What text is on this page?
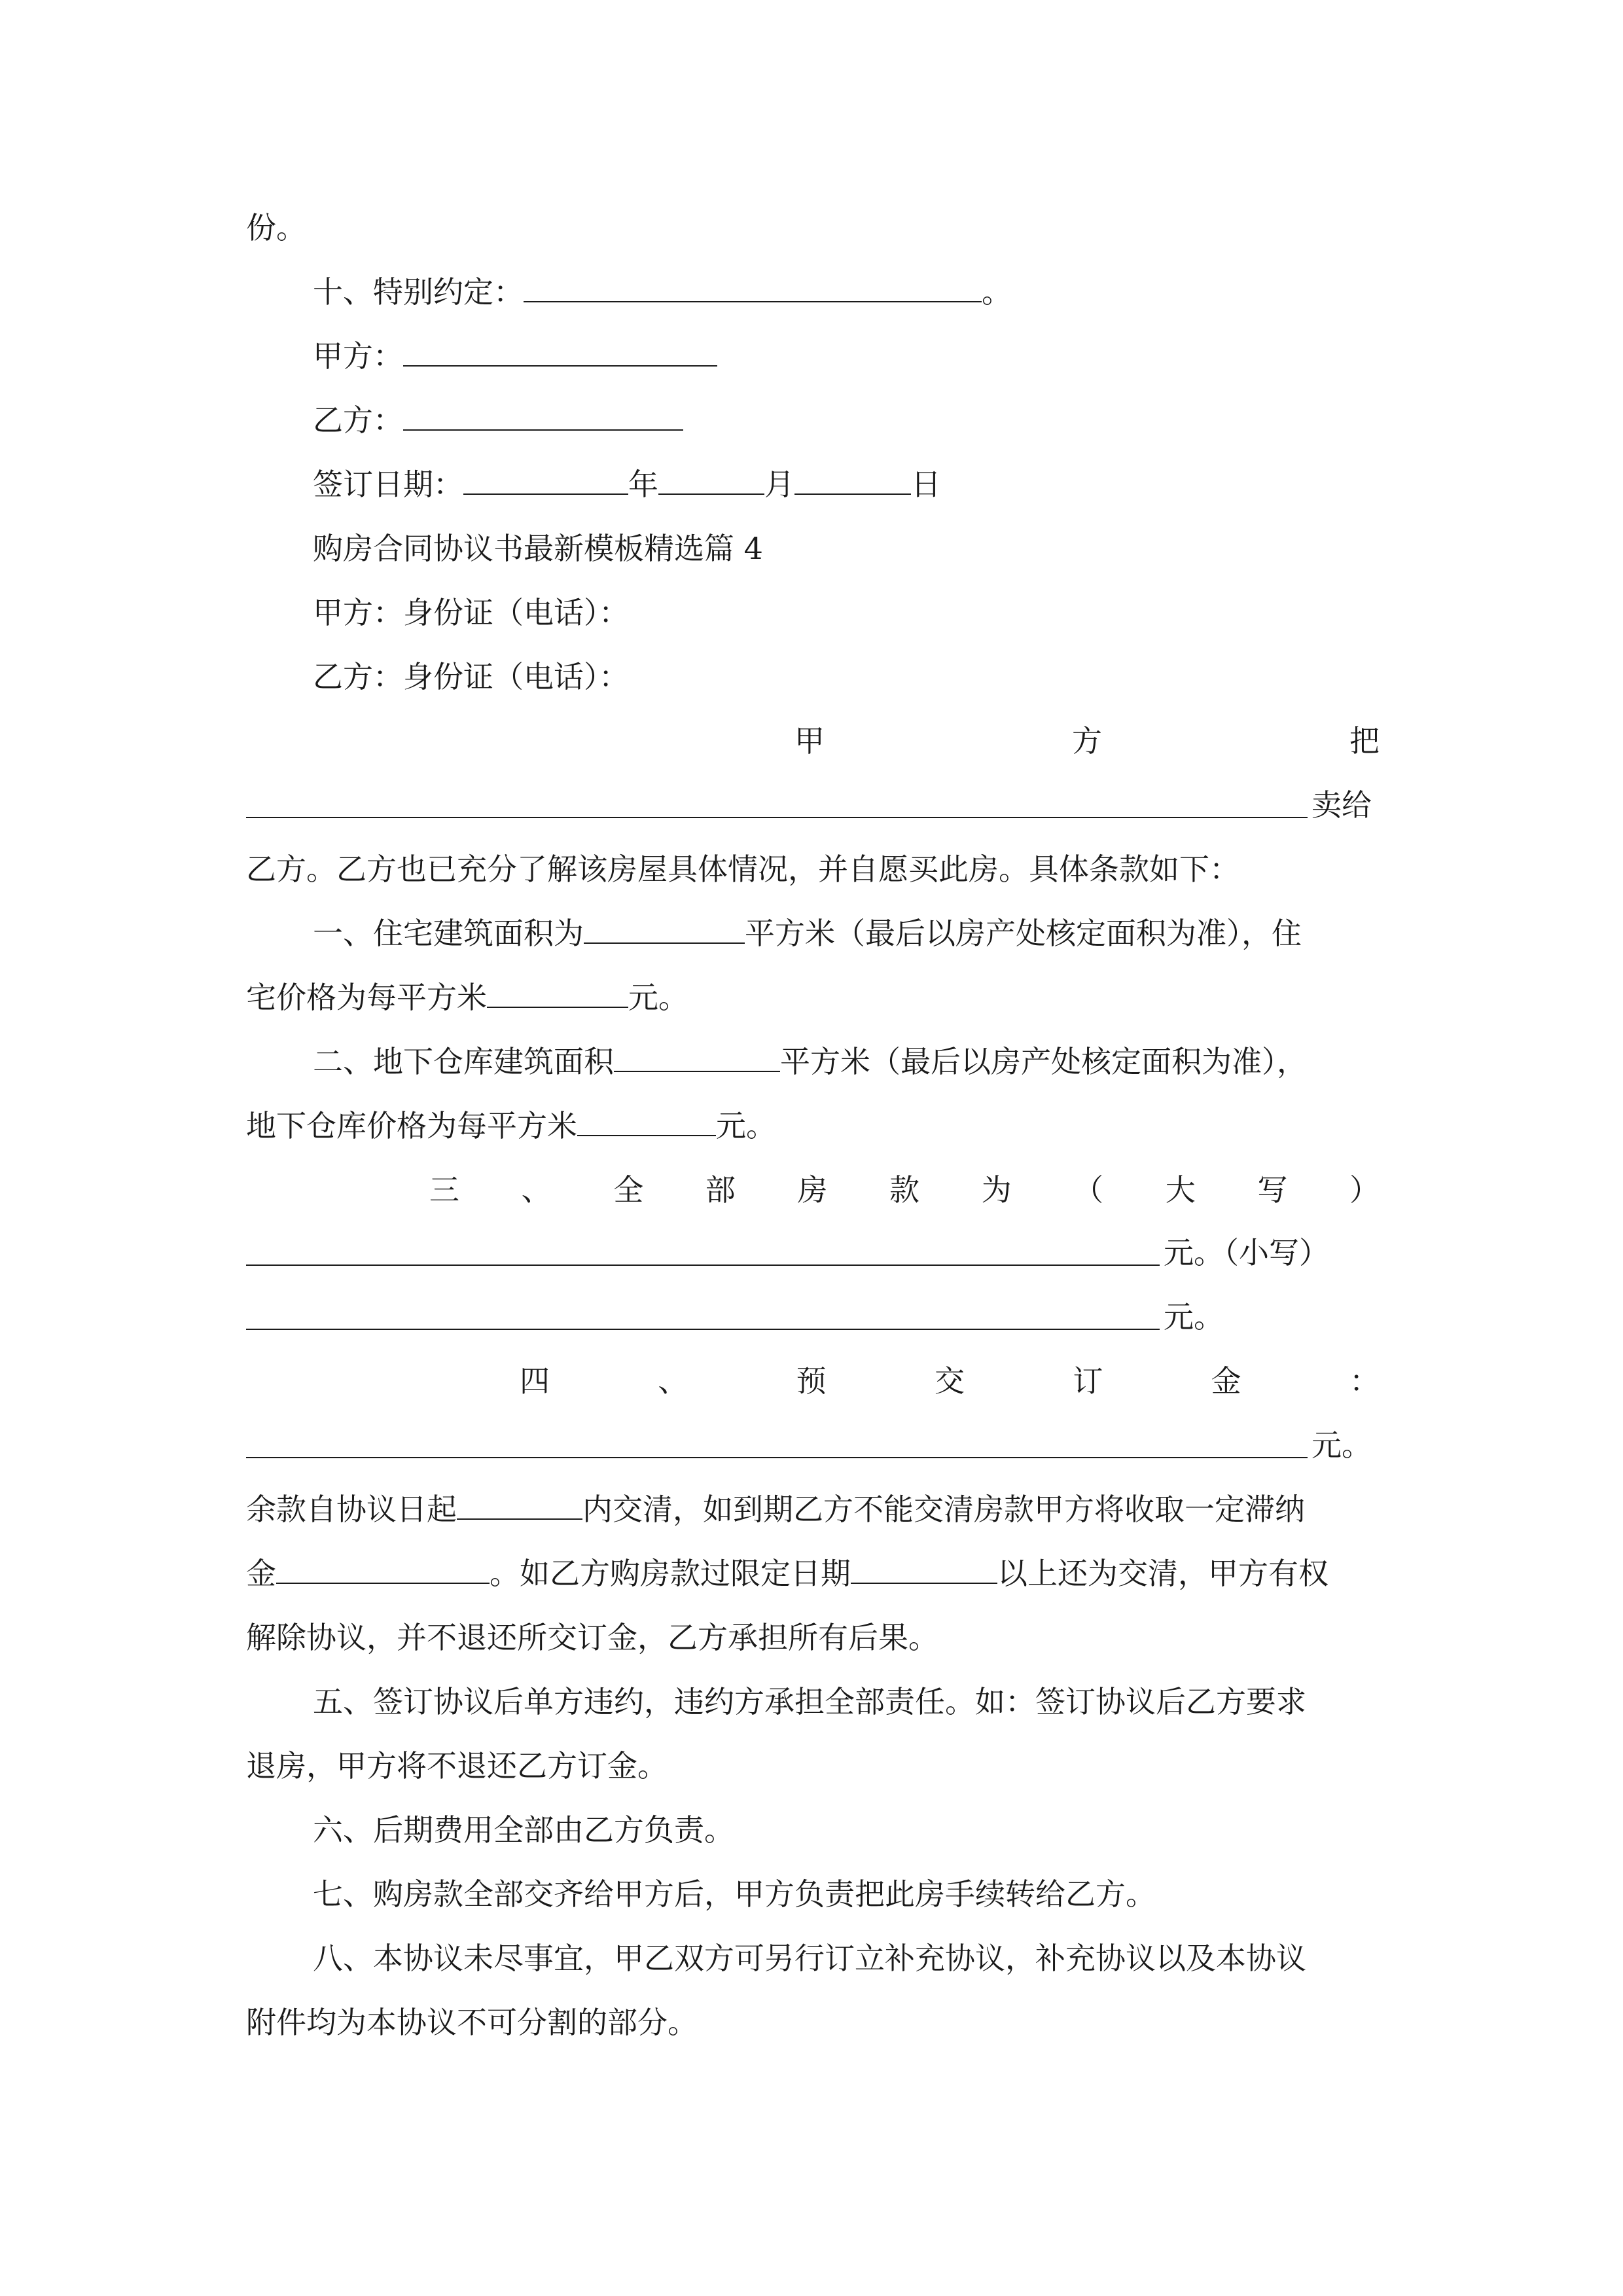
份。
十、特别约定：	。
甲方：
乙方：
签订日期：	年	月	日
购房合同协议书最新模板精选篇 4
甲方：身份证（电话）：
乙方：身份证（电话）：
甲	方	把
卖给
乙方。乙方也已充分了解该房屋具体情况，并自愿买此房。具体条款如下：
一、住宅建筑面积为	平方米（最后以房产处核定面积为准），住
宅价格为每平方米	元。
二、地下仓库建筑面积	平方米（最后以房产处核定面积为准），
地下仓库价格为每平方米	元。
三 、 全 部 房 款 为 （ 大 写 ）
元。（小写）
元。
四	、	预	交	订	金	：
元。
余款自协议日起	内交清，如到期乙方不能交清房款甲方将收取一定滞纳
金	。如乙方购房款过限定日期	以上还为交清，甲方有权
解除协议，并不退还所交订金，乙方承担所有后果。
五、签订协议后单方违约，违约方承担全部责任。如：签订协议后乙方要求
退房，甲方将不退还乙方订金。
六、后期费用全部由乙方负责。
七、购房款全部交齐给甲方后，甲方负责把此房手续转给乙方。
八、本协议未尽事宜，甲乙双方可另行订立补充协议，补充协议以及本协议
附件均为本协议不可分割的部分。
